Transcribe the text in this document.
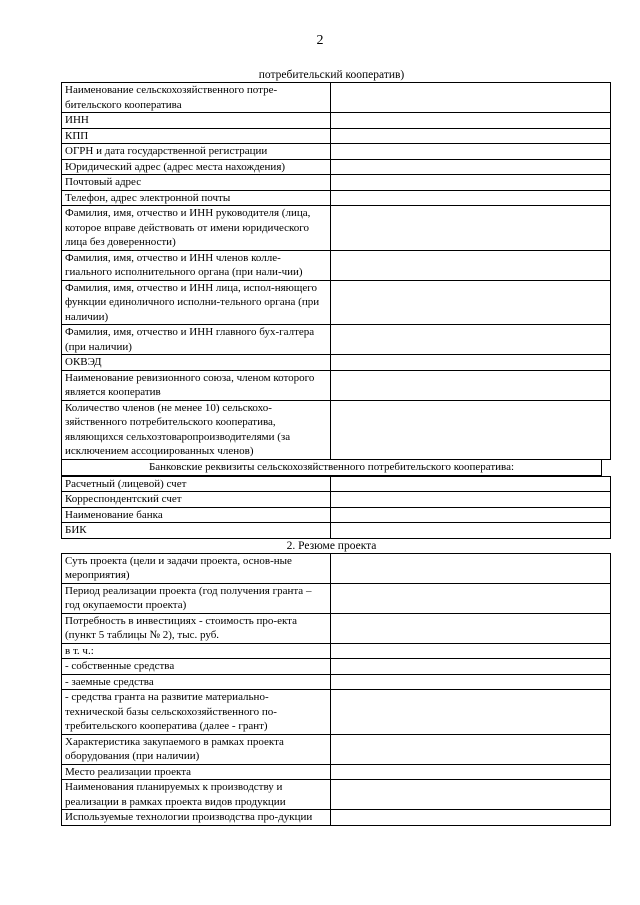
2
потребительский кооператив)
Наименование сельскохозяйственного потре-бительского кооператива	
ИНН	
КПП	
ОГРН и дата государственной регистрации	
Юридический адрес (адрес места нахождения)	
Почтовый адрес	
Телефон, адрес электронной почты	
Фамилия, имя, отчество и ИНН руководителя (лица, которое вправе действовать от имени юридического лица без доверенности)	
Фамилия, имя, отчество и ИНН членов колле-гиального исполнительного органа (при нали-чии)	
Фамилия, имя, отчество и ИНН лица, испол-няющего функции единоличного исполни-тельного органа (при наличии)	
Фамилия, имя, отчество и ИНН главного бух-галтера (при наличии)	
ОКВЭД	
Наименование ревизионного союза, членом которого является кооператив	
Количество членов (не менее 10) сельскохо-зяйственного потребительского кооператива, являющихся сельхозтоваропроизводителями (за исключением ассоциированных членов)	
Банковские реквизиты сельскохозяйственного потребительского кооператива:
Расчетный (лицевой) счет	
Корреспондентский счет	
Наименование банка	
БИК	
2. Резюме проекта
Суть проекта (цели и задачи проекта, основ-ные мероприятия)	
Период реализации проекта (год получения гранта – год окупаемости проекта)	
Потребность в инвестициях - стоимость про-екта (пункт 5 таблицы № 2), тыс. руб.	
в т. ч.:	
- собственные средства	
- заемные средства	
- средства гранта на развитие материально-технической базы сельскохозяйственного по-требительского кооператива (далее - грант)	
Характеристика закупаемого в рамках проекта оборудования (при наличии)	
Место реализации проекта	
Наименования планируемых к производству и реализации в рамках проекта видов продукции	
Используемые технологии производства про-дукции	
